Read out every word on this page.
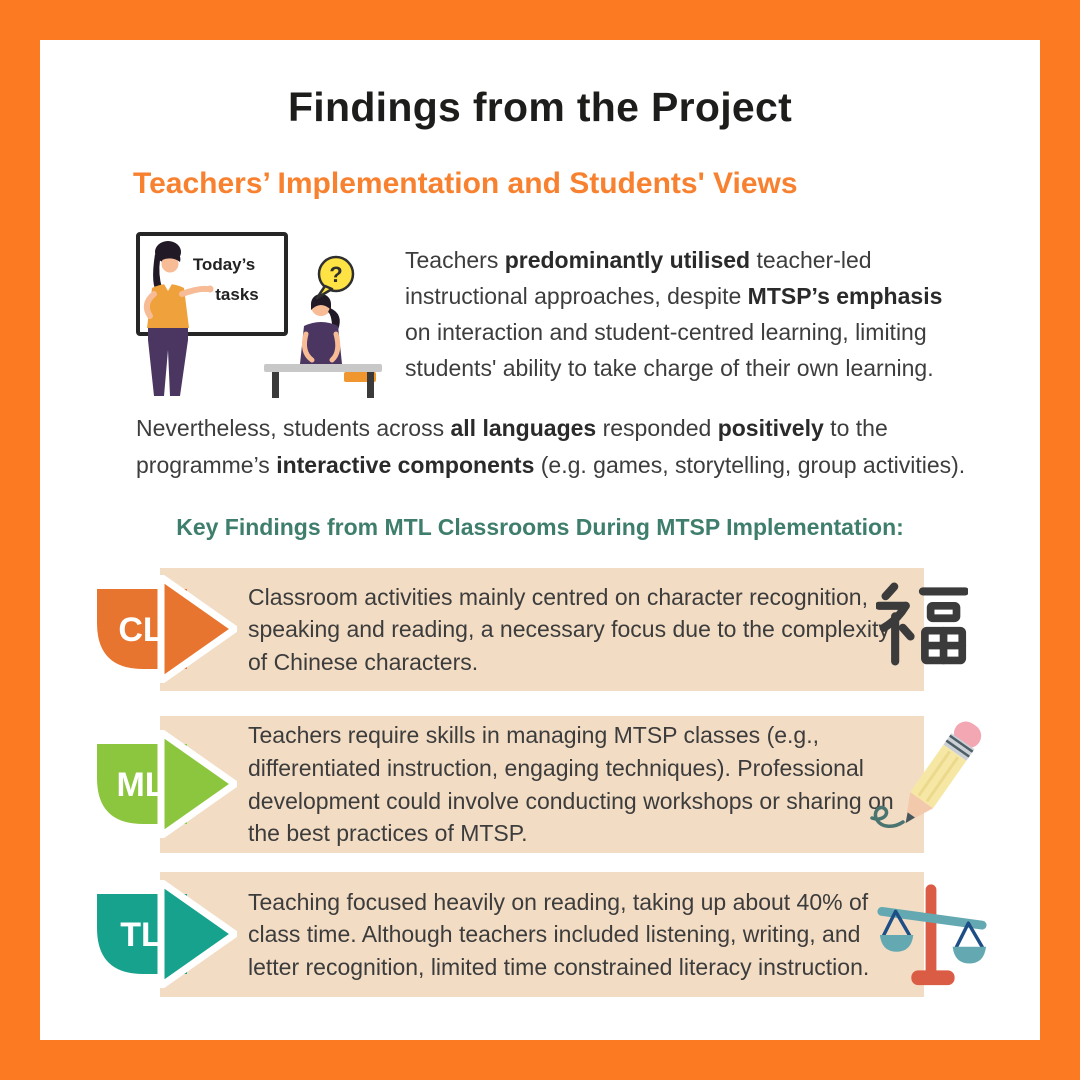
Findings from the Project
Teachers’ Implementation and Students' Views
Today’s
tasks
?

Teachers predominantly utilised teacher-led instructional approaches, despite MTSP’s emphasis on interaction and student-centred learning, limiting students' ability to take charge of their own learning.

Nevertheless, students across all languages responded positively to the programme’s interactive components (e.g. games, storytelling, group activities).

Key Findings from MTL Classrooms During MTSP Implementation:

Classroom activities mainly centred on character recognition, speaking and reading, a necessary focus due to the complexity of Chinese characters.

CL

Teachers require skills in managing MTSP classes (e.g., differentiated instruction, engaging techniques). Professional development could involve conducting workshops or sharing on the best practices of MTSP.

ML

Teaching focused heavily on reading, taking up about 40% of class time. Although teachers included listening, writing, and letter recognition, limited time constrained literacy instruction.

TL
